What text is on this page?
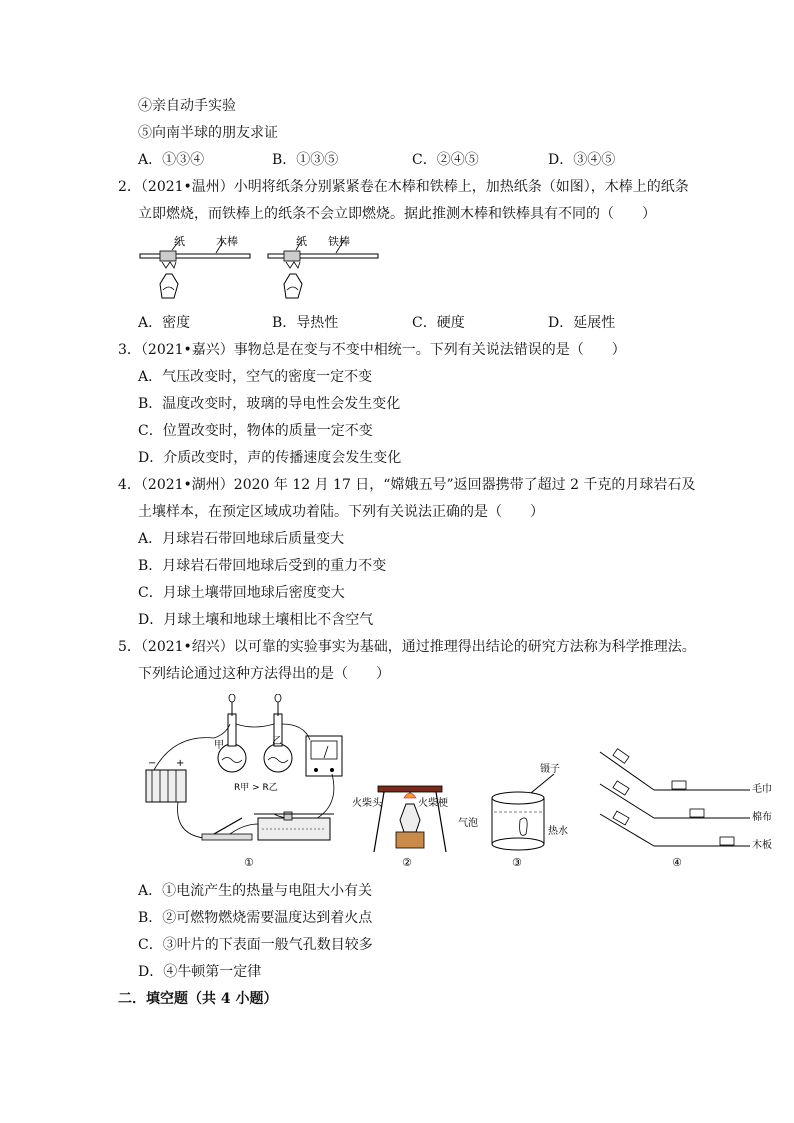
④亲自动手实验
⑤向南半球的朋友求证
A．①③④	B．①③⑤	C．②④⑤	D．③④⑤
2．（2021•温州）小明将纸条分别紧紧卷在木棒和铁棒上，加热纸条（如图），木棒上的纸条
立即燃烧，而铁棒上的纸条不会立即燃烧。据此推测木棒和铁棒具有不同的（　　）
纸	木棒	纸 铁棒
A．密度	B．导热性	C．硬度	D．延展性
3．（2021•嘉兴）事物总是在变与不变中相统一。下列有关说法错误的是（　　）
A．气压改变时，空气的密度一定不变
B．温度改变时，玻璃的导电性会发生变化
C．位置改变时，物体的质量一定不变
D．介质改变时，声的传播速度会发生变化
4．（2021•湖州）2020 年 12 月 17 日，“嫦娥五号”返回器携带了超过 2 千克的月球岩石及
土壤样本，在预定区域成功着陆。下列有关说法正确的是（　　）
A．月球岩石带回地球后质量变大
B．月球岩石带回地球后受到的重力不变
C．月球土壤带回地球后密度变大
D．月球土壤和地球土壤相比不含空气
5．（2021•绍兴）以可靠的实验事实为基础，通过推理得出结论的研究方法称为科学推理法。
下列结论通过这种方法得出的是（　　）
− +
甲	乙
R甲 > R乙
①
火柴头	火柴梗
②
镊子
气泡
热水
③
毛巾
棉布
木板
④
A．①电流产生的热量与电阻大小有关
B．②可燃物燃烧需要温度达到着火点
C．③叶片的下表面一般气孔数目较多
D．④牛顿第一定律
二．填空题（共 4 小题）
